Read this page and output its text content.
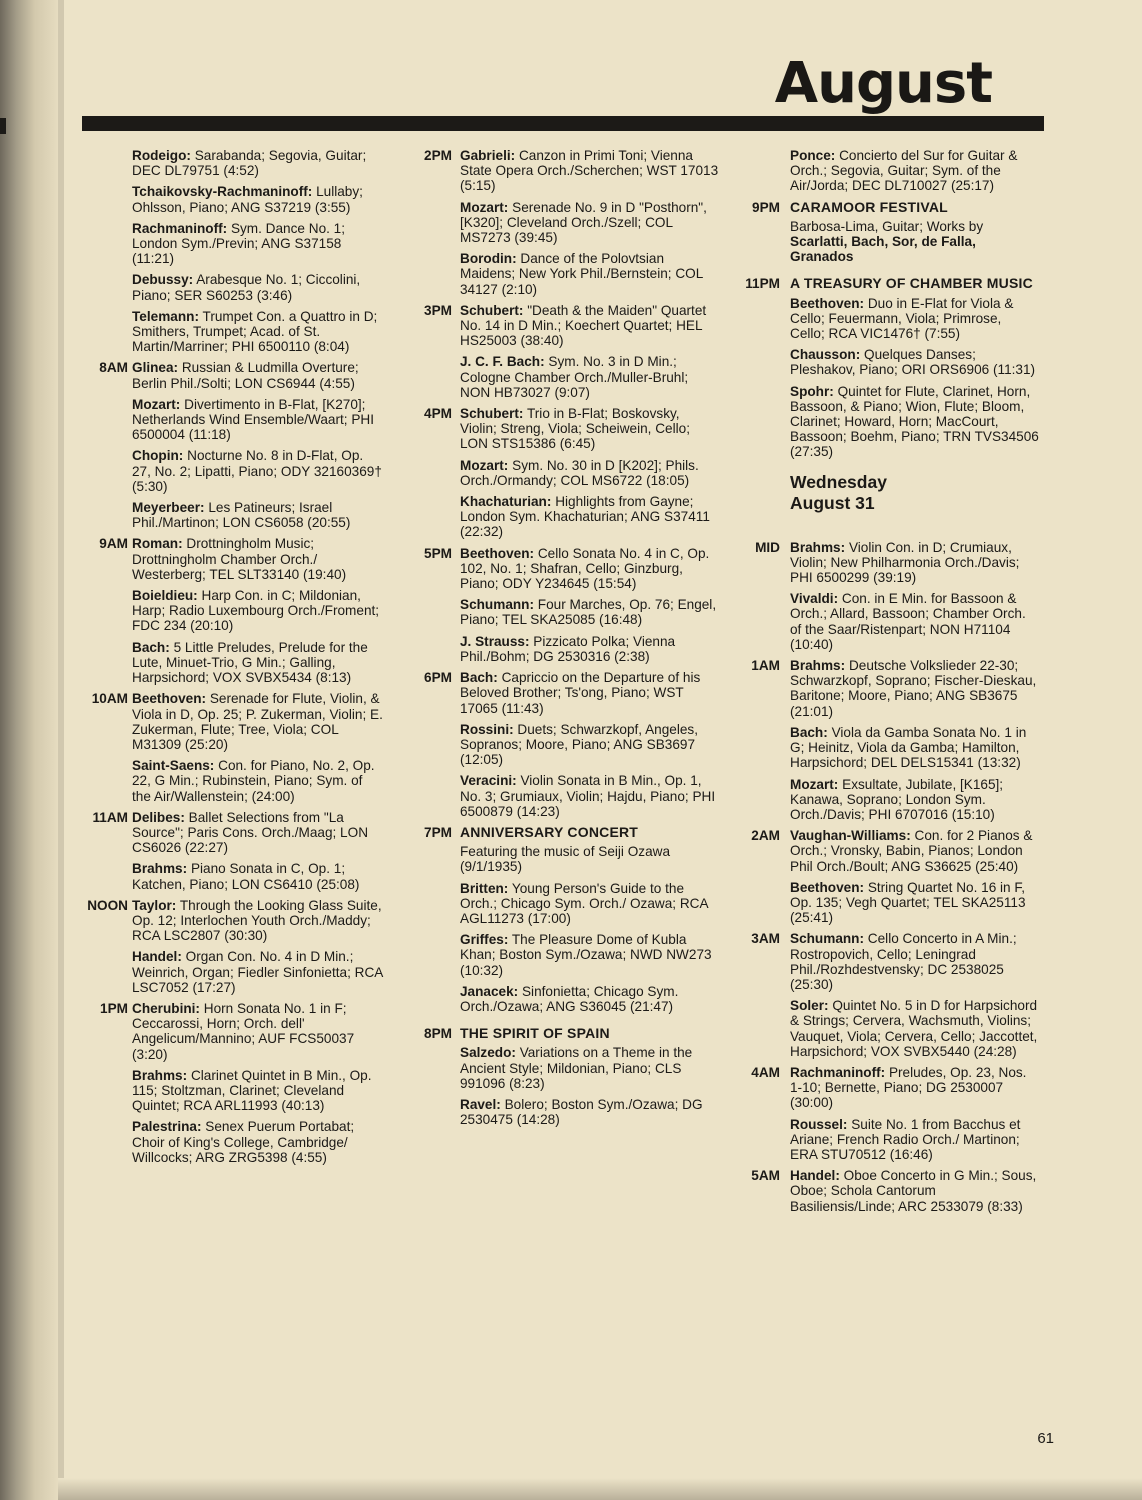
August
Rodeigo: Sarabanda; Segovia, Guitar; DEC DL79751 (4:52)
Tchaikovsky-Rachmaninoff: Lullaby; Ohlsson, Piano; ANG S37219 (3:55)
Rachmaninoff: Sym. Dance No. 1; London Sym./Previn; ANG S37158 (11:21)
Debussy: Arabesque No. 1; Ciccolini, Piano; SER S60253 (3:46)
Telemann: Trumpet Con. a Quattro in D; Smithers, Trumpet; Acad. of St. Martin/Marriner; PHI 6500110 (8:04)
8AM Glinea: Russian & Ludmilla Overture; Berlin Phil./Solti; LON CS6944 (4:55)
Mozart: Divertimento in B-Flat, [K270]; Netherlands Wind Ensemble/Waart; PHI 6500004 (11:18)
Chopin: Nocturne No. 8 in D-Flat, Op. 27, No. 2; Lipatti, Piano; ODY 32160369† (5:30)
Meyerbeer: Les Patineurs; Israel Phil./Martinon; LON CS6058 (20:55)
9AM Roman: Drottningholm Music; Drottningholm Chamber Orch./ Westerberg; TEL SLT33140 (19:40)
Boieldieu: Harp Con. in C; Mildonian, Harp; Radio Luxembourg Orch./Froment; FDC 234 (20:10)
Bach: 5 Little Preludes, Prelude for the Lute, Minuet-Trio, G Min.; Galling, Harpsichord; VOX SVBX5434 (8:13)
10AM Beethoven: Serenade for Flute, Violin, & Viola in D, Op. 25; P. Zukerman, Violin; E. Zukerman, Flute; Tree, Viola; COL M31309 (25:20)
Saint-Saens: Con. for Piano, No. 2, Op. 22, G Min.; Rubinstein, Piano; Sym. of the Air/Wallenstein; (24:00)
11AM Delibes: Ballet Selections from "La Source"; Paris Cons. Orch./Maag; LON CS6026 (22:27)
Brahms: Piano Sonata in C, Op. 1; Katchen, Piano; LON CS6410 (25:08)
NOON Taylor: Through the Looking Glass Suite, Op. 12; Interlochen Youth Orch./Maddy; RCA LSC2807 (30:30)
Handel: Organ Con. No. 4 in D Min.; Weinrich, Organ; Fiedler Sinfonietta; RCA LSC7052 (17:27)
1PM Cherubini: Horn Sonata No. 1 in F; Ceccarossi, Horn; Orch. dell' Angelicum/Mannino; AUF FCS50037 (3:20)
Brahms: Clarinet Quintet in B Min., Op. 115; Stoltzman, Clarinet; Cleveland Quintet; RCA ARL11993 (40:13)
Palestrina: Senex Puerum Portabat; Choir of King's College, Cambridge/ Willcocks; ARG ZRG5398 (4:55)
2PM Gabrieli: Canzon in Primi Toni; Vienna State Opera Orch./Scherchen; WST 17013 (5:15)
Mozart: Serenade No. 9 in D "Posthorn", [K320]; Cleveland Orch./Szell; COL MS7273 (39:45)
Borodin: Dance of the Polovtsian Maidens; New York Phil./Bernstein; COL 34127 (2:10)
3PM Schubert: "Death & the Maiden" Quartet No. 14 in D Min.; Koechert Quartet; HEL HS25003 (38:40)
J. C. F. Bach: Sym. No. 3 in D Min.; Cologne Chamber Orch./Muller-Bruhl; NON HB73027 (9:07)
4PM Schubert: Trio in B-Flat; Boskovsky, Violin; Streng, Viola; Scheiwein, Cello; LON STS15386 (6:45)
Mozart: Sym. No. 30 in D [K202]; Phils. Orch./Ormandy; COL MS6722 (18:05)
Khachaturian: Highlights from Gayne; London Sym. Khachaturian; ANG S37411 (22:32)
5PM Beethoven: Cello Sonata No. 4 in C, Op. 102, No. 1; Shafran, Cello; Ginzburg, Piano; ODY Y234645 (15:54)
Schumann: Four Marches, Op. 76; Engel, Piano; TEL SKA25085 (16:48)
J. Strauss: Pizzicato Polka; Vienna Phil./Bohm; DG 2530316 (2:38)
6PM Bach: Capriccio on the Departure of his Beloved Brother; Ts'ong, Piano; WST 17065 (11:43)
Rossini: Duets; Schwarzkopf, Angeles, Sopranos; Moore, Piano; ANG SB3697 (12:05)
Veracini: Violin Sonata in B Min., Op. 1, No. 3; Grumiaux, Violin; Hajdu, Piano; PHI 6500879 (14:23)
7PM ANNIVERSARY CONCERT
Featuring the music of Seiji Ozawa (9/1/1935)
Britten: Young Person's Guide to the Orch.; Chicago Sym. Orch./ Ozawa; RCA AGL11273 (17:00)
Griffes: The Pleasure Dome of Kubla Khan; Boston Sym./Ozawa; NWD NW273 (10:32)
Janacek: Sinfonietta; Chicago Sym. Orch./Ozawa; ANG S36045 (21:47)
8PM THE SPIRIT OF SPAIN
Salzedo: Variations on a Theme in the Ancient Style; Mildonian, Piano; CLS 991096 (8:23)
Ravel: Bolero; Boston Sym./Ozawa; DG 2530475 (14:28)
Ponce: Concierto del Sur for Guitar & Orch.; Segovia, Guitar; Sym. of the Air/Jorda; DEC DL710027 (25:17)
9PM CARAMOOR FESTIVAL
Barbosa-Lima, Guitar; Works by Scarlatti, Bach, Sor, de Falla, Granados
11PM A TREASURY OF CHAMBER MUSIC
Beethoven: Duo in E-Flat for Viola & Cello; Feuermann, Viola; Primrose, Cello; RCA VIC1476† (7:55)
Chausson: Quelques Danses; Pleshakov, Piano; ORI ORS6906 (11:31)
Spohr: Quintet for Flute, Clarinet, Horn, Bassoon, & Piano; Wion, Flute; Bloom, Clarinet; Howard, Horn; MacCourt, Bassoon; Boehm, Piano; TRN TVS34506 (27:35)
Wednesday
August 31
MID Brahms: Violin Con. in D; Crumiaux, Violin; New Philharmonia Orch./Davis; PHI 6500299 (39:19)
Vivaldi: Con. in E Min. for Bassoon & Orch.; Allard, Bassoon; Chamber Orch. of the Saar/Ristenpart; NON H71104 (10:40)
1AM Brahms: Deutsche Volkslieder 22-30; Schwarzkopf, Soprano; Fischer-Dieskau, Baritone; Moore, Piano; ANG SB3675 (21:01)
Bach: Viola da Gamba Sonata No. 1 in G; Heinitz, Viola da Gamba; Hamilton, Harpsichord; DEL DELS15341 (13:32)
Mozart: Exsultate, Jubilate, [K165]; Kanawa, Soprano; London Sym. Orch./Davis; PHI 6707016 (15:10)
2AM Vaughan-Williams: Con. for 2 Pianos & Orch.; Vronsky, Babin, Pianos; London Phil Orch./Boult; ANG S36625 (25:40)
Beethoven: String Quartet No. 16 in F, Op. 135; Vegh Quartet; TEL SKA25113 (25:41)
3AM Schumann: Cello Concerto in A Min.; Rostropovich, Cello; Leningrad Phil./Rozhdestvensky; DC 2538025 (25:30)
Soler: Quintet No. 5 in D for Harpsichord & Strings; Cervera, Wachsmuth, Violins; Vauquet, Viola; Cervera, Cello; Jaccottet, Harpsichord; VOX SVBX5440 (24:28)
4AM Rachmaninoff: Preludes, Op. 23, Nos. 1-10; Bernette, Piano; DG 2530007 (30:00)
Roussel: Suite No. 1 from Bacchus et Ariane; French Radio Orch./ Martinon; ERA STU70512 (16:46)
5AM Handel: Oboe Concerto in G Min.; Sous, Oboe; Schola Cantorum Basiliensis/Linde; ARC 2533079 (8:33)
61
